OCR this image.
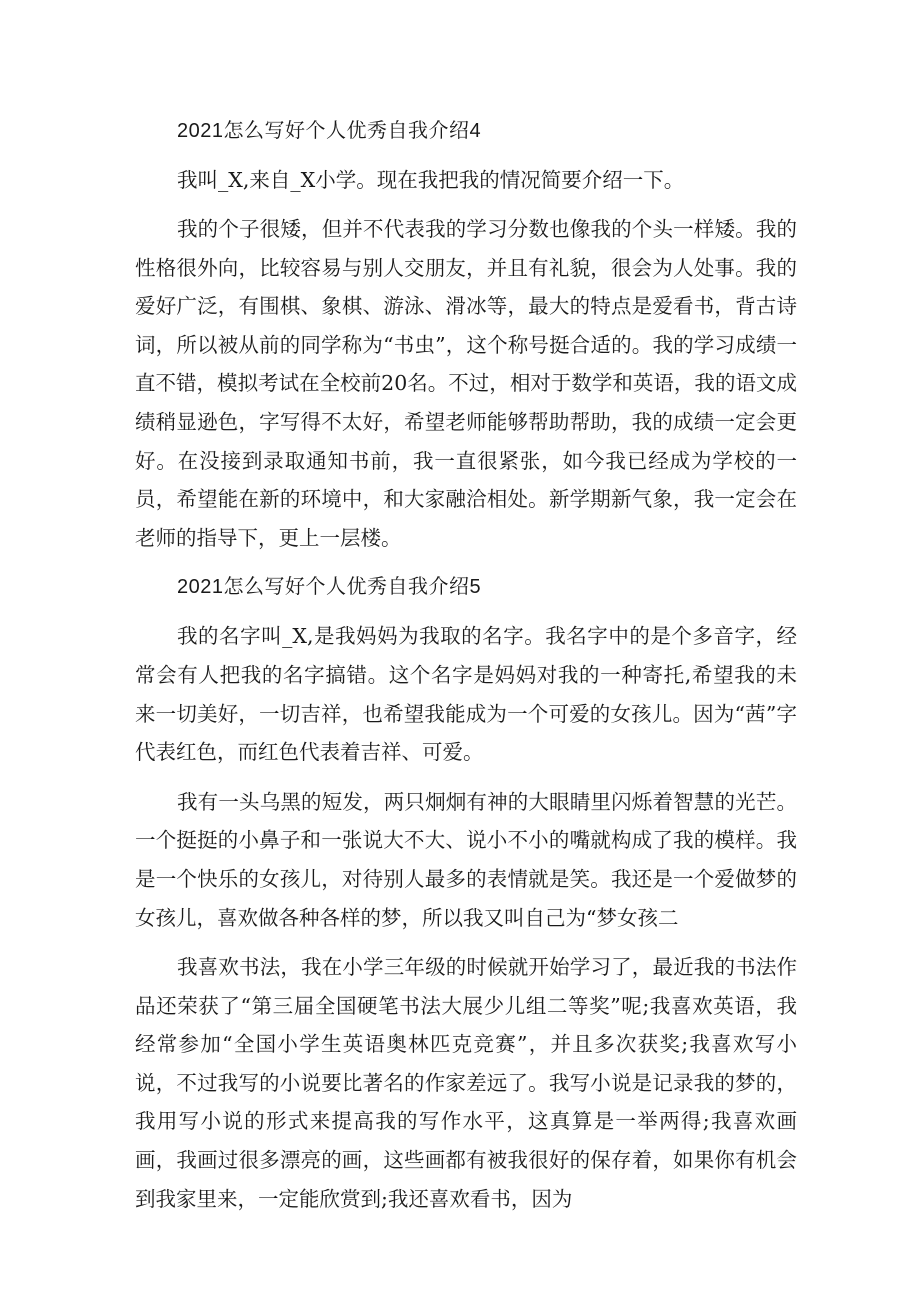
2021怎么写好个人优秀自我介绍4
我叫_X,来自_X小学。现在我把我的情况简要介绍一下。
我的个子很矮，但并不代表我的学习分数也像我的个头一样矮。我的性格很外向，比较容易与别人交朋友，并且有礼貌，很会为人处事。我的爱好广泛，有围棋、象棋、游泳、滑冰等，最大的特点是爱看书，背古诗词，所以被从前的同学称为“书虫”，这个称号挺合适的。我的学习成绩一直不错，模拟考试在全校前20名。不过，相对于数学和英语，我的语文成绩稍显逊色，字写得不太好，希望老师能够帮助帮助，我的成绩一定会更好。在没接到录取通知书前，我一直很紧张，如今我已经成为学校的一员，希望能在新的环境中，和大家融洽相处。新学期新气象，我一定会在老师的指导下，更上一层楼。
2021怎么写好个人优秀自我介绍5
我的名字叫_X,是我妈妈为我取的名字。我名字中的是个多音字，经常会有人把我的名字搞错。这个名字是妈妈对我的一种寄托,希望我的未来一切美好，一切吉祥，也希望我能成为一个可爱的女孩儿。因为“茜”字代表红色，而红色代表着吉祥、可爱。
我有一头乌黑的短发，两只炯炯有神的大眼睛里闪烁着智慧的光芒。一个挺挺的小鼻子和一张说大不大、说小不小的嘴就构成了我的模样。我是一个快乐的女孩儿，对待别人最多的表情就是笑。我还是一个爱做梦的女孩儿，喜欢做各种各样的梦，所以我又叫自己为“梦女孩二
我喜欢书法，我在小学三年级的时候就开始学习了，最近我的书法作品还荣获了“第三届全国硬笔书法大展少儿组二等奖”呢;我喜欢英语，我经常参加“全国小学生英语奥林匹克竞赛”，并且多次获奖;我喜欢写小说，不过我写的小说要比著名的作家差远了。我写小说是记录我的梦的，我用写小说的形式来提高我的写作水平，这真算是一举两得;我喜欢画画，我画过很多漂亮的画，这些画都有被我很好的保存着，如果你有机会到我家里来，一定能欣赏到;我还喜欢看书，因为
